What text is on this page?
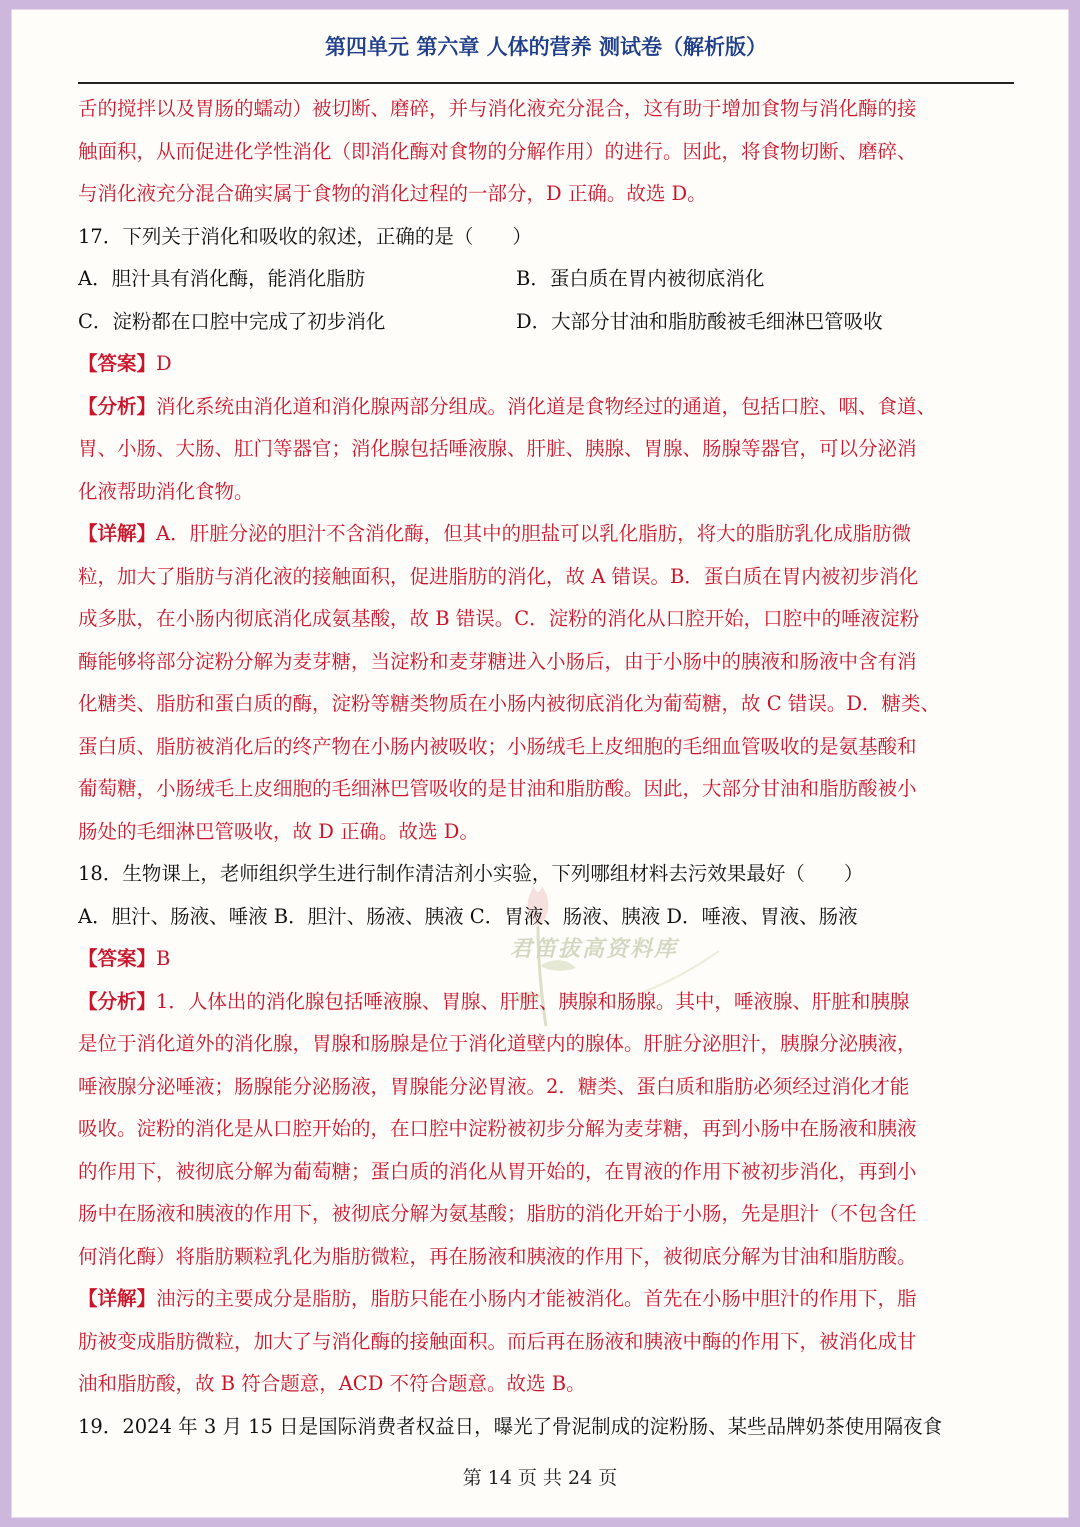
第四单元 第六章 人体的营养 测试卷（解析版）
君笛拔高资料库
舌的搅拌以及胃肠的蠕动）被切断、磨碎，并与消化液充分混合，这有助于增加食物与消化酶的接
触面积，从而促进化学性消化（即消化酶对食物的分解作用）的进行。因此，将食物切断、磨碎、
与消化液充分混合确实属于食物的消化过程的一部分，D 正确。故选 D。
17．下列关于消化和吸收的叙述，正确的是（　　）
A．胆汁具有消化酶，能消化脂肪	B．蛋白质在胃内被彻底消化
C．淀粉都在口腔中完成了初步消化	D．大部分甘油和脂肪酸被毛细淋巴管吸收
【答案】D
【分析】消化系统由消化道和消化腺两部分组成。消化道是食物经过的通道，包括口腔、咽、食道、
胃、小肠、大肠、肛门等器官；消化腺包括唾液腺、肝脏、胰腺、胃腺、肠腺等器官，可以分泌消
化液帮助消化食物。
【详解】A．肝脏分泌的胆汁不含消化酶，但其中的胆盐可以乳化脂肪，将大的脂肪乳化成脂肪微
粒，加大了脂肪与消化液的接触面积，促进脂肪的消化，故 A 错误。B．蛋白质在胃内被初步消化
成多肽，在小肠内彻底消化成氨基酸，故 B 错误。C．淀粉的消化从口腔开始，口腔中的唾液淀粉
酶能够将部分淀粉分解为麦芽糖，当淀粉和麦芽糖进入小肠后，由于小肠中的胰液和肠液中含有消
化糖类、脂肪和蛋白质的酶，淀粉等糖类物质在小肠内被彻底消化为葡萄糖，故 C 错误。D．糖类、
蛋白质、脂肪被消化后的终产物在小肠内被吸收；小肠绒毛上皮细胞的毛细血管吸收的是氨基酸和
葡萄糖，小肠绒毛上皮细胞的毛细淋巴管吸收的是甘油和脂肪酸。因此，大部分甘油和脂肪酸被小
肠处的毛细淋巴管吸收，故 D 正确。故选 D。
18．生物课上，老师组织学生进行制作清洁剂小实验，下列哪组材料去污效果最好（　　）
A．胆汁、肠液、唾液 B．胆汁、肠液、胰液 C．胃液、肠液、胰液 D．唾液、胃液、肠液
【答案】B
【分析】1．人体出的消化腺包括唾液腺、胃腺、肝脏、胰腺和肠腺。其中，唾液腺、肝脏和胰腺
是位于消化道外的消化腺，胃腺和肠腺是位于消化道壁内的腺体。肝脏分泌胆汁，胰腺分泌胰液，
唾液腺分泌唾液；肠腺能分泌肠液，胃腺能分泌胃液。2．糖类、蛋白质和脂肪必须经过消化才能
吸收。淀粉的消化是从口腔开始的，在口腔中淀粉被初步分解为麦芽糖，再到小肠中在肠液和胰液
的作用下，被彻底分解为葡萄糖；蛋白质的消化从胃开始的，在胃液的作用下被初步消化，再到小
肠中在肠液和胰液的作用下，被彻底分解为氨基酸；脂肪的消化开始于小肠，先是胆汁（不包含任
何消化酶）将脂肪颗粒乳化为脂肪微粒，再在肠液和胰液的作用下，被彻底分解为甘油和脂肪酸。
【详解】油污的主要成分是脂肪，脂肪只能在小肠内才能被消化。首先在小肠中胆汁的作用下，脂
肪被变成脂肪微粒，加大了与消化酶的接触面积。而后再在肠液和胰液中酶的作用下，被消化成甘
油和脂肪酸，故 B 符合题意，ACD 不符合题意。故选 B。
19．2024 年 3 月 15 日是国际消费者权益日，曝光了骨泥制成的淀粉肠、某些品牌奶茶使用隔夜食
第 14 页 共 24 页
